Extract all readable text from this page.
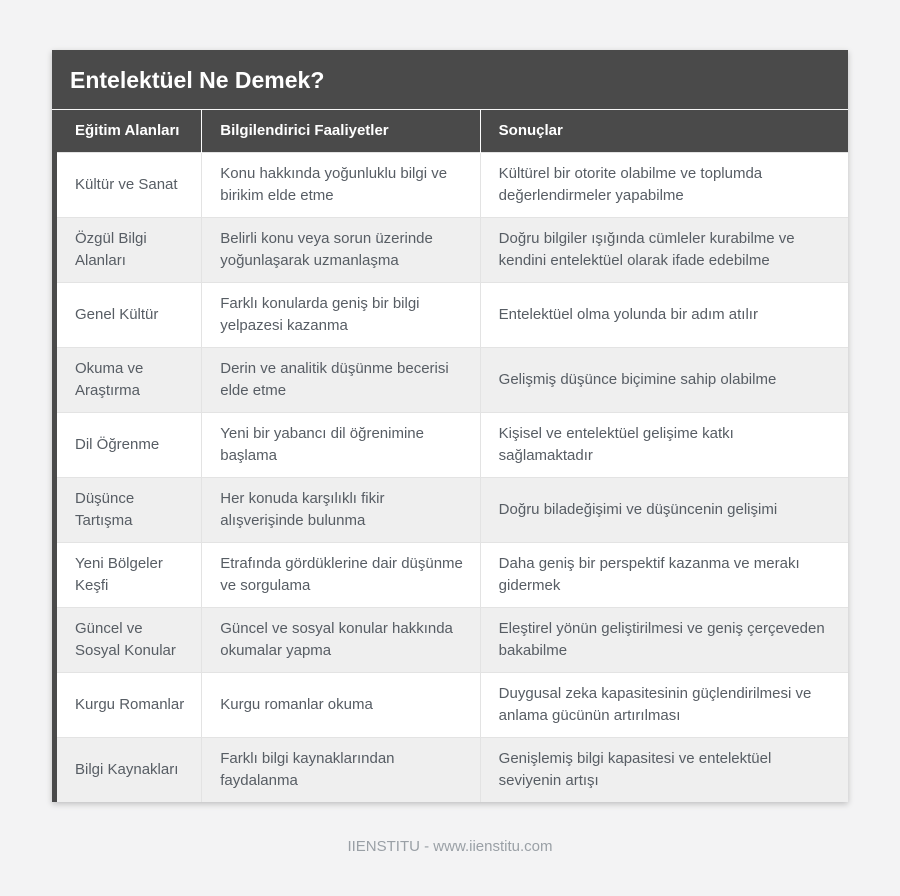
Entelektüel Ne Demek?
Eğitim Alanları	Bilgilendirici Faaliyetler	Sonuçlar
Kültür ve Sanat	Konu hakkında yoğunluklu bilgi ve birikim elde etme	Kültürel bir otorite olabilme ve toplumda değerlendirmeler yapabilme
Özgül Bilgi Alanları	Belirli konu veya sorun üzerinde yoğunlaşarak uzmanlaşma	Doğru bilgiler ışığında cümleler kurabilme ve kendini entelektüel olarak ifade edebilme
Genel Kültür	Farklı konularda geniş bir bilgi yelpazesi kazanma	Entelektüel olma yolunda bir adım atılır
Okuma ve Araştırma	Derin ve analitik düşünme becerisi elde etme	Gelişmiş düşünce biçimine sahip olabilme
Dil Öğrenme	Yeni bir yabancı dil öğrenimine başlama	Kişisel ve entelektüel gelişime katkı sağlamaktadır
Düşünce Tartışma	Her konuda karşılıklı fikir alışverişinde bulunma	Doğru biladeğişimi ve düşüncenin gelişimi
Yeni Bölgeler Keşfi	Etrafında gördüklerine dair düşünme ve sorgulama	Daha geniş bir perspektif kazanma ve merakı gidermek
Güncel ve Sosyal Konular	Güncel ve sosyal konular hakkında okumalar yapma	Eleştirel yönün geliştirilmesi ve geniş çerçeveden bakabilme
Kurgu Romanlar	Kurgu romanlar okuma	Duygusal zeka kapasitesinin güçlendirilmesi ve anlama gücünün artırılması
Bilgi Kaynakları	Farklı bilgi kaynaklarından faydalanma	Genişlemiş bilgi kapasitesi ve entelektüel seviyenin artışı
IIENSTITU - www.iienstitu.com
